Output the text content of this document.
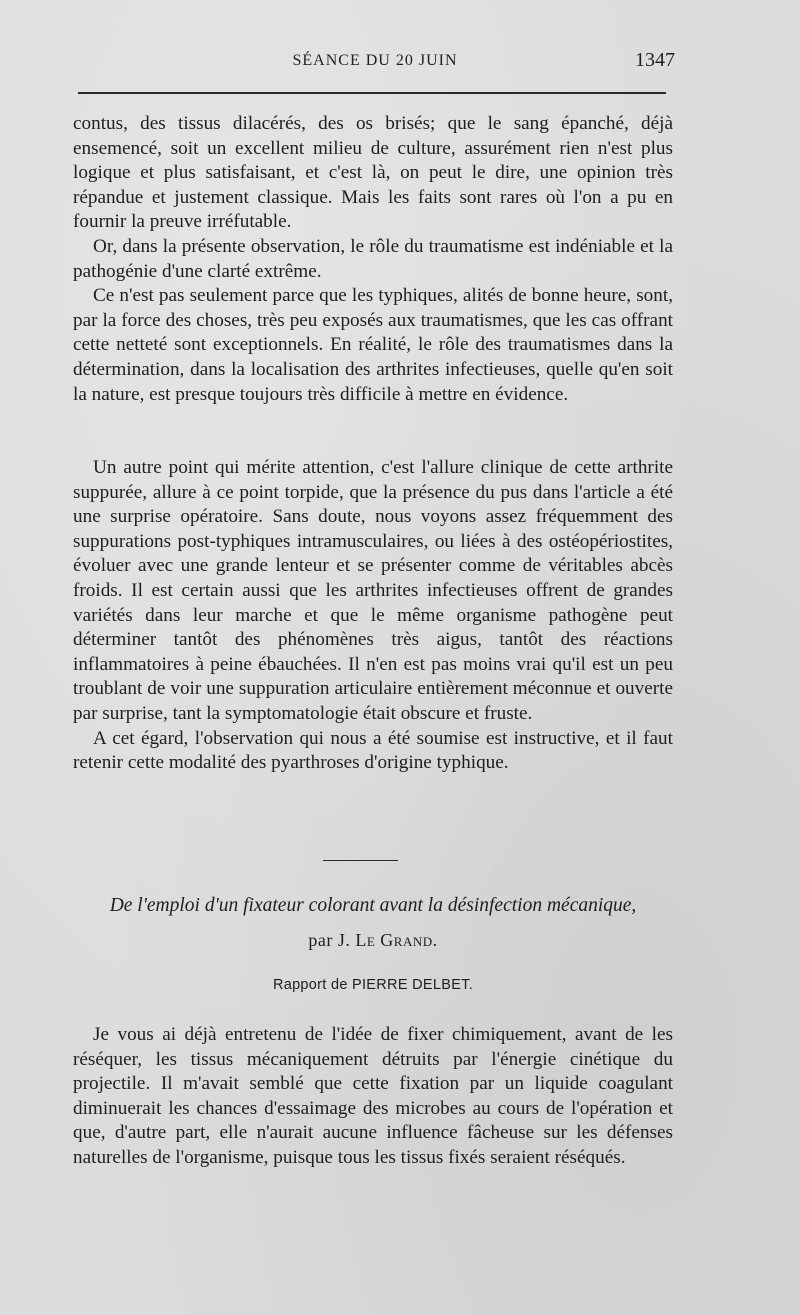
SÉANCE DU 20 JUIN	1347

contus, des tissus dilacérés, des os brisés; que le sang épanché, déjà ensemencé, soit un excellent milieu de culture, assurément rien n'est plus logique et plus satisfaisant, et c'est là, on peut le dire, une opinion très répandue et justement classique. Mais les faits sont rares où l'on a pu en fournir la preuve irréfutable.

Or, dans la présente observation, le rôle du traumatisme est indéniable et la pathogénie d'une clarté extrême.

Ce n'est pas seulement parce que les typhiques, alités de bonne heure, sont, par la force des choses, très peu exposés aux traumatismes, que les cas offrant cette netteté sont exceptionnels. En réalité, le rôle des traumatismes dans la détermination, dans la localisation des arthrites infectieuses, quelle qu'en soit la nature, est presque toujours très difficile à mettre en évidence.

Un autre point qui mérite attention, c'est l'allure clinique de cette arthrite suppurée, allure à ce point torpide, que la présence du pus dans l'article a été une surprise opératoire. Sans doute, nous voyons assez fréquemment des suppurations post-typhiques intramusculaires, ou liées à des ostéopériostites, évoluer avec une grande lenteur et se présenter comme de véritables abcès froids. Il est certain aussi que les arthrites infectieuses offrent de grandes variétés dans leur marche et que le même organisme pathogène peut déterminer tantôt des phénomènes très aigus, tantôt des réactions inflammatoires à peine ébauchées. Il n'en est pas moins vrai qu'il est un peu troublant de voir une suppuration articulaire entièrement méconnue et ouverte par surprise, tant la symptomatologie était obscure et fruste.

A cet égard, l'observation qui nous a été soumise est instructive, et il faut retenir cette modalité des pyarthroses d'origine typhique.

De l'emploi d'un fixateur colorant avant la désinfection mécanique,

par J. Le Grand.

Rapport de PIERRE DELBET.

Je vous ai déjà entretenu de l'idée de fixer chimiquement, avant de les réséquer, les tissus mécaniquement détruits par l'énergie cinétique du projectile. Il m'avait semblé que cette fixation par un liquide coagulant diminuerait les chances d'essaimage des microbes au cours de l'opération et que, d'autre part, elle n'aurait aucune influence fâcheuse sur les défenses naturelles de l'organisme, puisque tous les tissus fixés seraient réséqués.
